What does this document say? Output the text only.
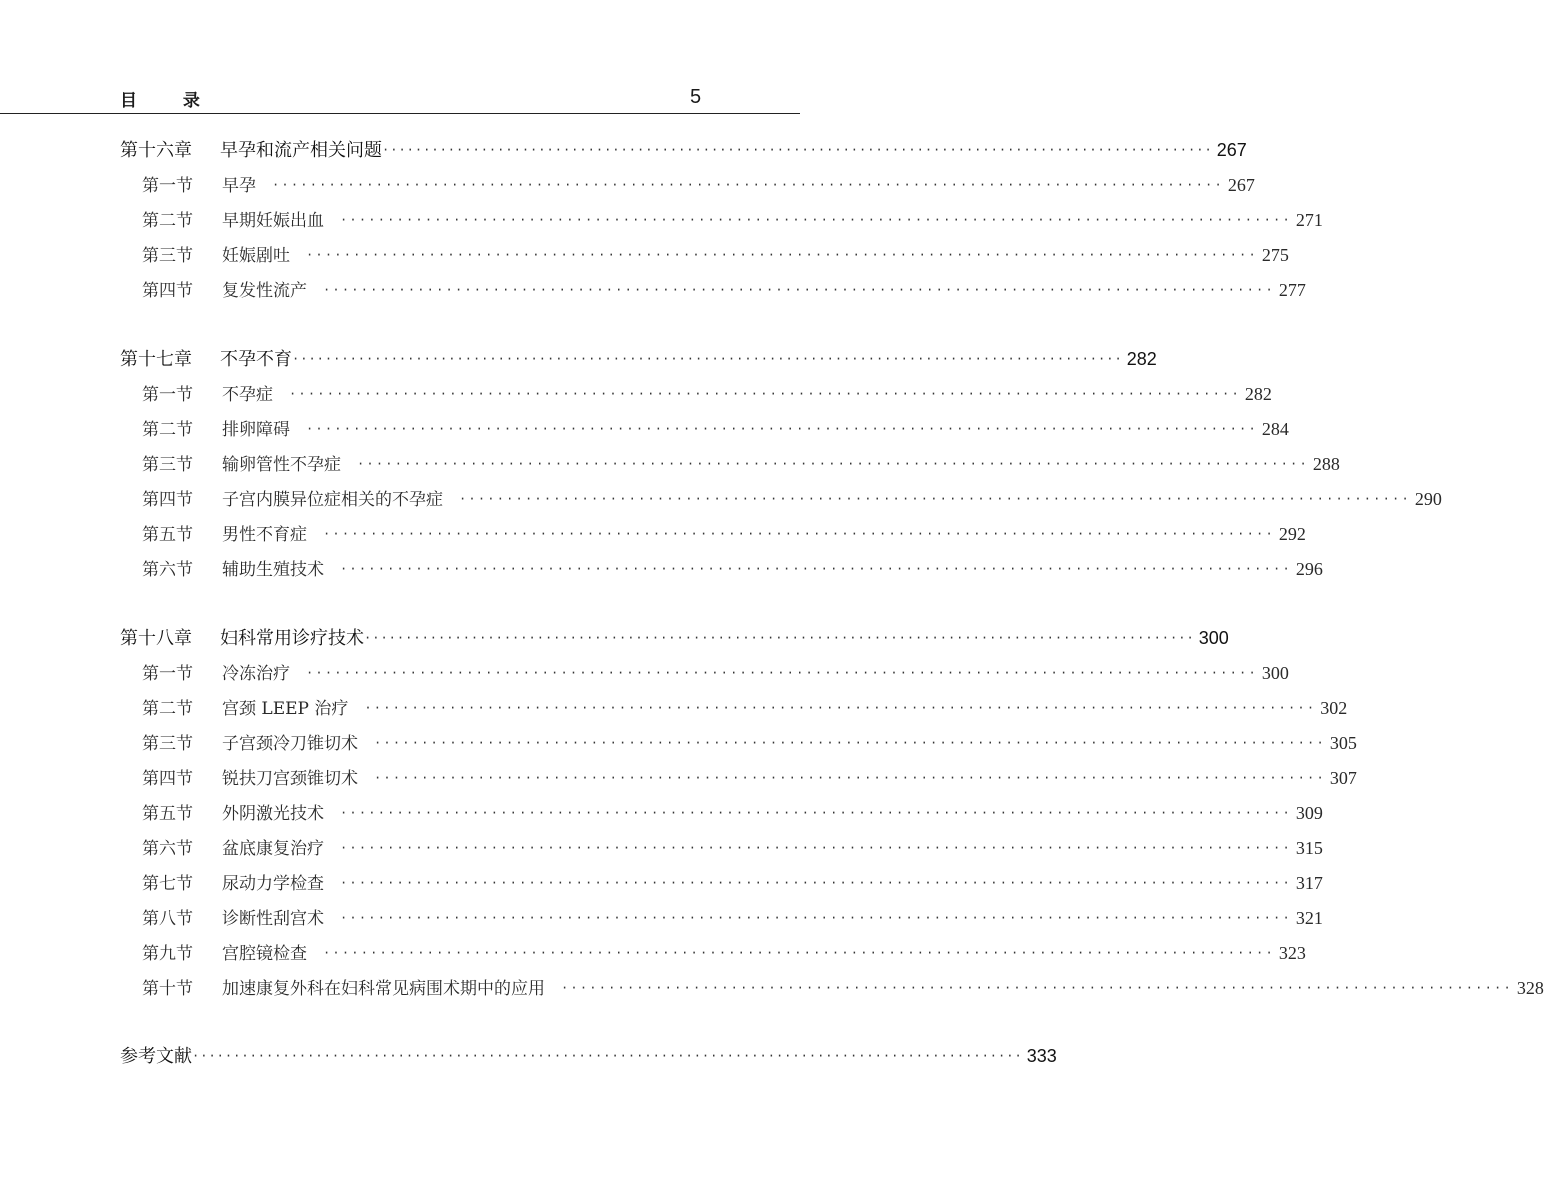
目 录	5
第十六章	早孕和流产相关问题 ····································································································· 267
第一节	早孕	····································································································· 267
第二节	早期妊娠出血	····································································································· 271
第三节	妊娠剧吐	····································································································· 275
第四节	复发性流产	····································································································· 277
第十七章	不孕不育 ····································································································· 282
第一节	不孕症	····································································································· 282
第二节	排卵障碍	····································································································· 284
第三节	输卵管性不孕症	····································································································· 288
第四节	子宫内膜异位症相关的不孕症	····································································································· 290
第五节	男性不育症	····································································································· 292
第六节	辅助生殖技术	····································································································· 296
第十八章	妇科常用诊疗技术 ····································································································· 300
第一节	冷冻治疗	····································································································· 300
第二节	宫颈 LEEP 治疗	····································································································· 302
第三节	子宫颈冷刀锥切术	····································································································· 305
第四节	锐扶刀宫颈锥切术	····································································································· 307
第五节	外阴激光技术	····································································································· 309
第六节	盆底康复治疗	····································································································· 315
第七节	尿动力学检查	····································································································· 317
第八节	诊断性刮宫术	····································································································· 321
第九节	宫腔镜检查	····································································································· 323
第十节	加速康复外科在妇科常见病围术期中的应用	····································································································· 328
参考文献 ····································································································· 333
